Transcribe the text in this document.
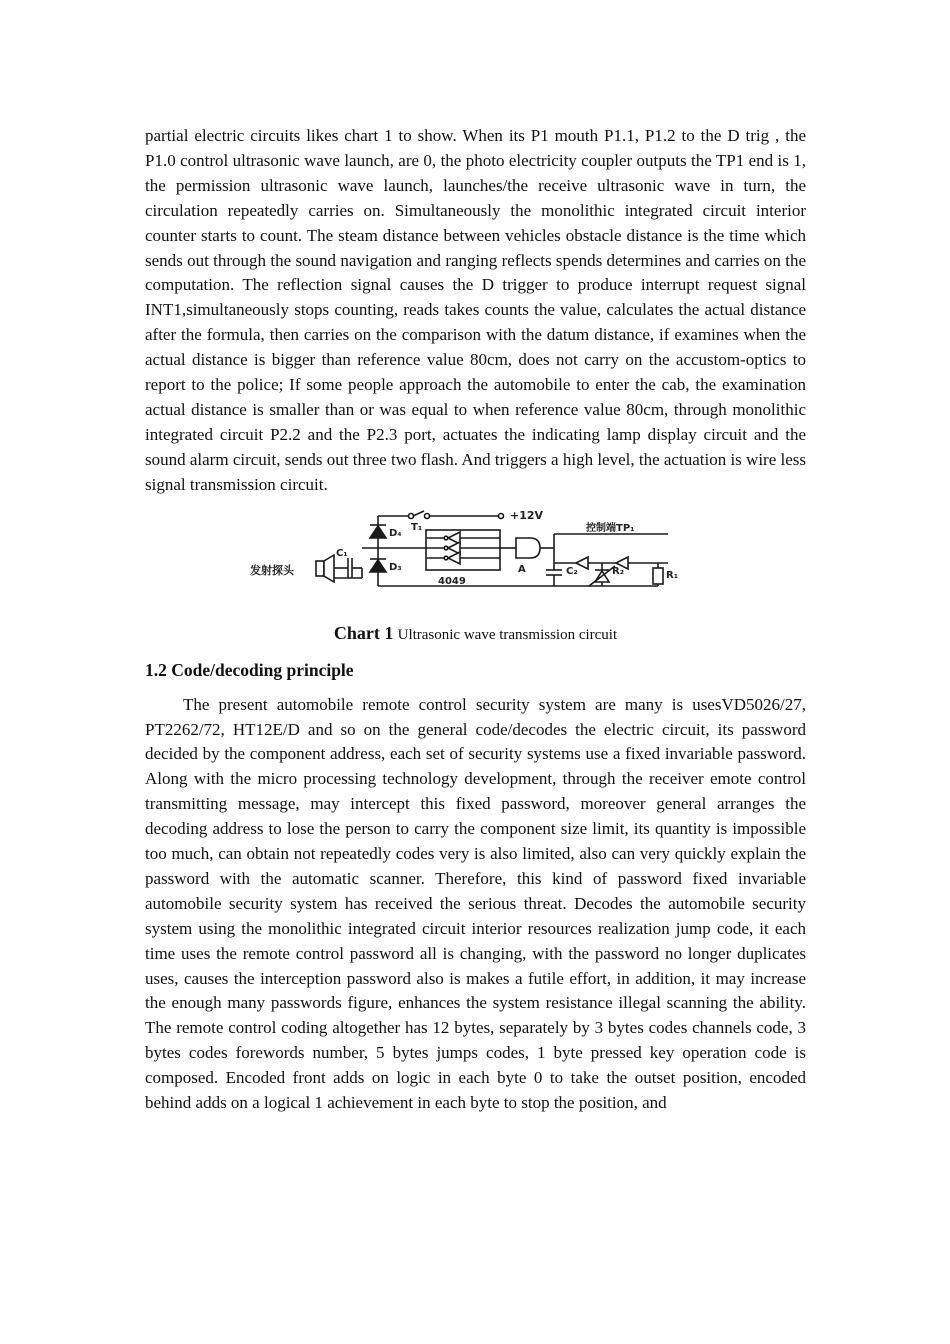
partial electric circuits likes chart 1 to show. When its P1 mouth P1.1, P1.2 to the D trig , the P1.0 control ultrasonic wave launch, are 0, the photo electricity coupler outputs the TP1 end is 1, the permission ultrasonic wave launch, launches/the receive ultrasonic wave in turn, the circulation repeatedly carries on. Simultaneously the monolithic integrated circuit interior counter starts to count. The steam distance between vehicles obstacle distance is the time which sends out through the sound navigation and ranging reflects spends determines and carries on the computation. The reflection signal causes the D trigger to produce interrupt request signal INT1,simultaneously stops counting, reads takes counts the value, calculates the actual distance after the formula, then carries on the comparison with the datum distance, if examines when the actual distance is bigger than reference value 80cm, does not carry on the accustom-optics to report to the police; If some people approach the automobile to enter the cab, the examination actual distance is smaller than or was equal to when reference value 80cm, through monolithic integrated circuit P2.2 and the P2.3 port, actuates the indicating lamp display circuit and the sound alarm circuit, sends out three two flash. And triggers a high level, the actuation is wire less signal transmission circuit.

+12V
控制端TP₁
发射探头
T₁
D₄
D₃
C₁
C₂	R₂	R₁
A
4049
Chart 1 Ultrasonic wave transmission circuit
1.2 Code/decoding principle

The present automobile remote control security system are many is usesVD5026/27, PT2262/72, HT12E/D and so on the general code/decodes the electric circuit, its password decided by the component address, each set of security systems use a fixed invariable password. Along with the micro processing technology development, through the receiver emote control transmitting message, may intercept this fixed password, moreover general arranges the decoding address to lose the person to carry the component size limit, its quantity is impossible too much, can obtain not repeatedly codes very is also limited, also can very quickly explain the password with the automatic scanner. Therefore, this kind of password fixed invariable automobile security system has received the serious threat. Decodes the automobile security system using the monolithic integrated circuit interior resources realization jump code, it each time uses the remote control password all is changing, with the password no longer duplicates uses, causes the interception password also is makes a futile effort, in addition, it may increase the enough many passwords figure, enhances the system resistance illegal scanning the ability. The remote control coding altogether has 12 bytes, separately by 3 bytes codes channels code, 3 bytes codes forewords number, 5 bytes jumps codes, 1 byte pressed key operation code is composed. Encoded front adds on logic in each byte 0 to take the outset position, encoded behind adds on a logical 1 achievement in each byte to stop the position, and
